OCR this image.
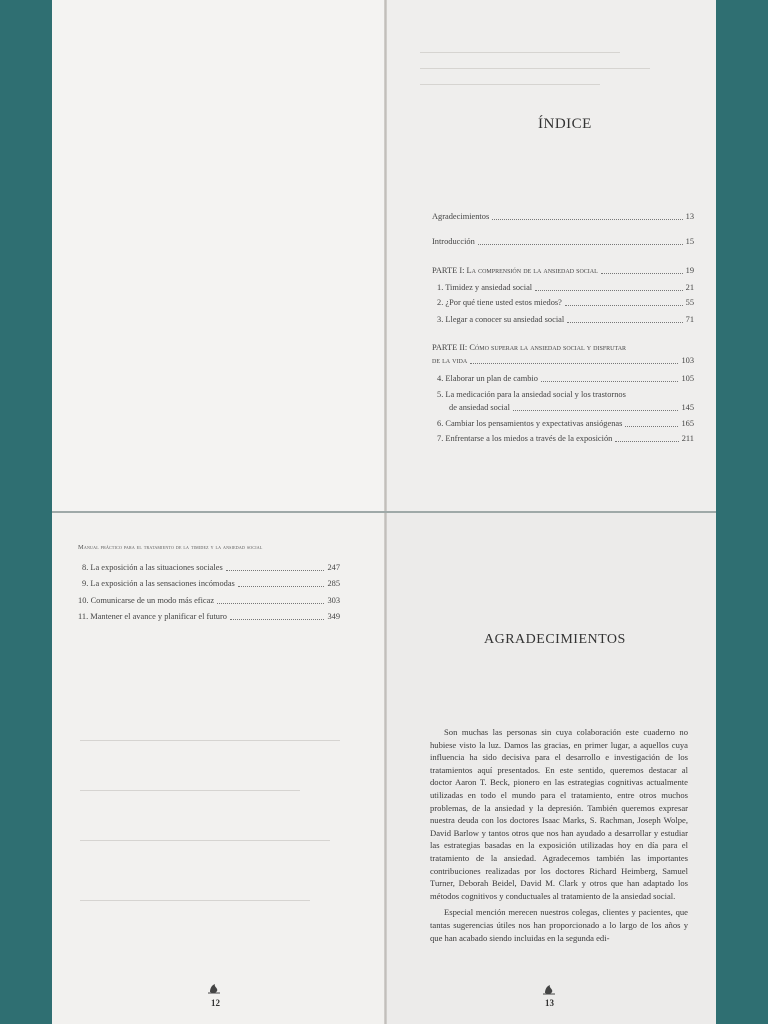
ÍNDICE
Agradecimientos	13
Introducción	15
PARTE I: La comprensión de la ansiedad social	19
1. Timidez y ansiedad social	21
2. ¿Por qué tiene usted estos miedos?	55
3. Llegar a conocer su ansiedad social	71
PARTE II: Cómo superar la ansiedad social y disfrutar
de la vida	103
4. Elaborar un plan de cambio	105
5. La medicación para la ansiedad social y los trastornos
de ansiedad social	145
6. Cambiar los pensamientos y expectativas ansiógenas	165
7. Enfrentarse a los miedos a través de la exposición	211
Manual práctico para el tratamiento de la timidez y la ansiedad social
8. La exposición a las situaciones sociales	247
9. La exposición a las sensaciones incómodas	285
10. Comunicarse de un modo más eficaz	303
11. Mantener el avance y planificar el futuro	349
12
AGRADECIMIENTOS

Son muchas las personas sin cuya colaboración este cuaderno no hubiese visto la luz. Damos las gracias, en primer lugar, a aquellos cuya influencia ha sido decisiva para el desarrollo e investigación de los tratamientos aquí presentados. En este sentido, queremos destacar al doctor Aaron T. Beck, pionero en las estrategias cognitivas actualmente utilizadas en todo el mundo para el tratamiento, entre otros muchos problemas, de la ansiedad y la depresión. También queremos expresar nuestra deuda con los doctores Isaac Marks, S. Rachman, Joseph Wolpe, David Barlow y tantos otros que nos han ayudado a desarrollar y estudiar las estrategias basadas en la exposición utilizadas hoy en día para el tratamiento de la ansiedad. Agradecemos también las importantes contribuciones realizadas por los doctores Richard Heimberg, Samuel Turner, Deborah Beidel, David M. Clark y otros que han adaptado los métodos cognitivos y conductuales al tratamiento de la ansiedad social.

Especial mención merecen nuestros colegas, clientes y pacientes, que tantas sugerencias útiles nos han proporcionado a lo largo de los años y que han acabado siendo incluidas en la segunda edi-

13
